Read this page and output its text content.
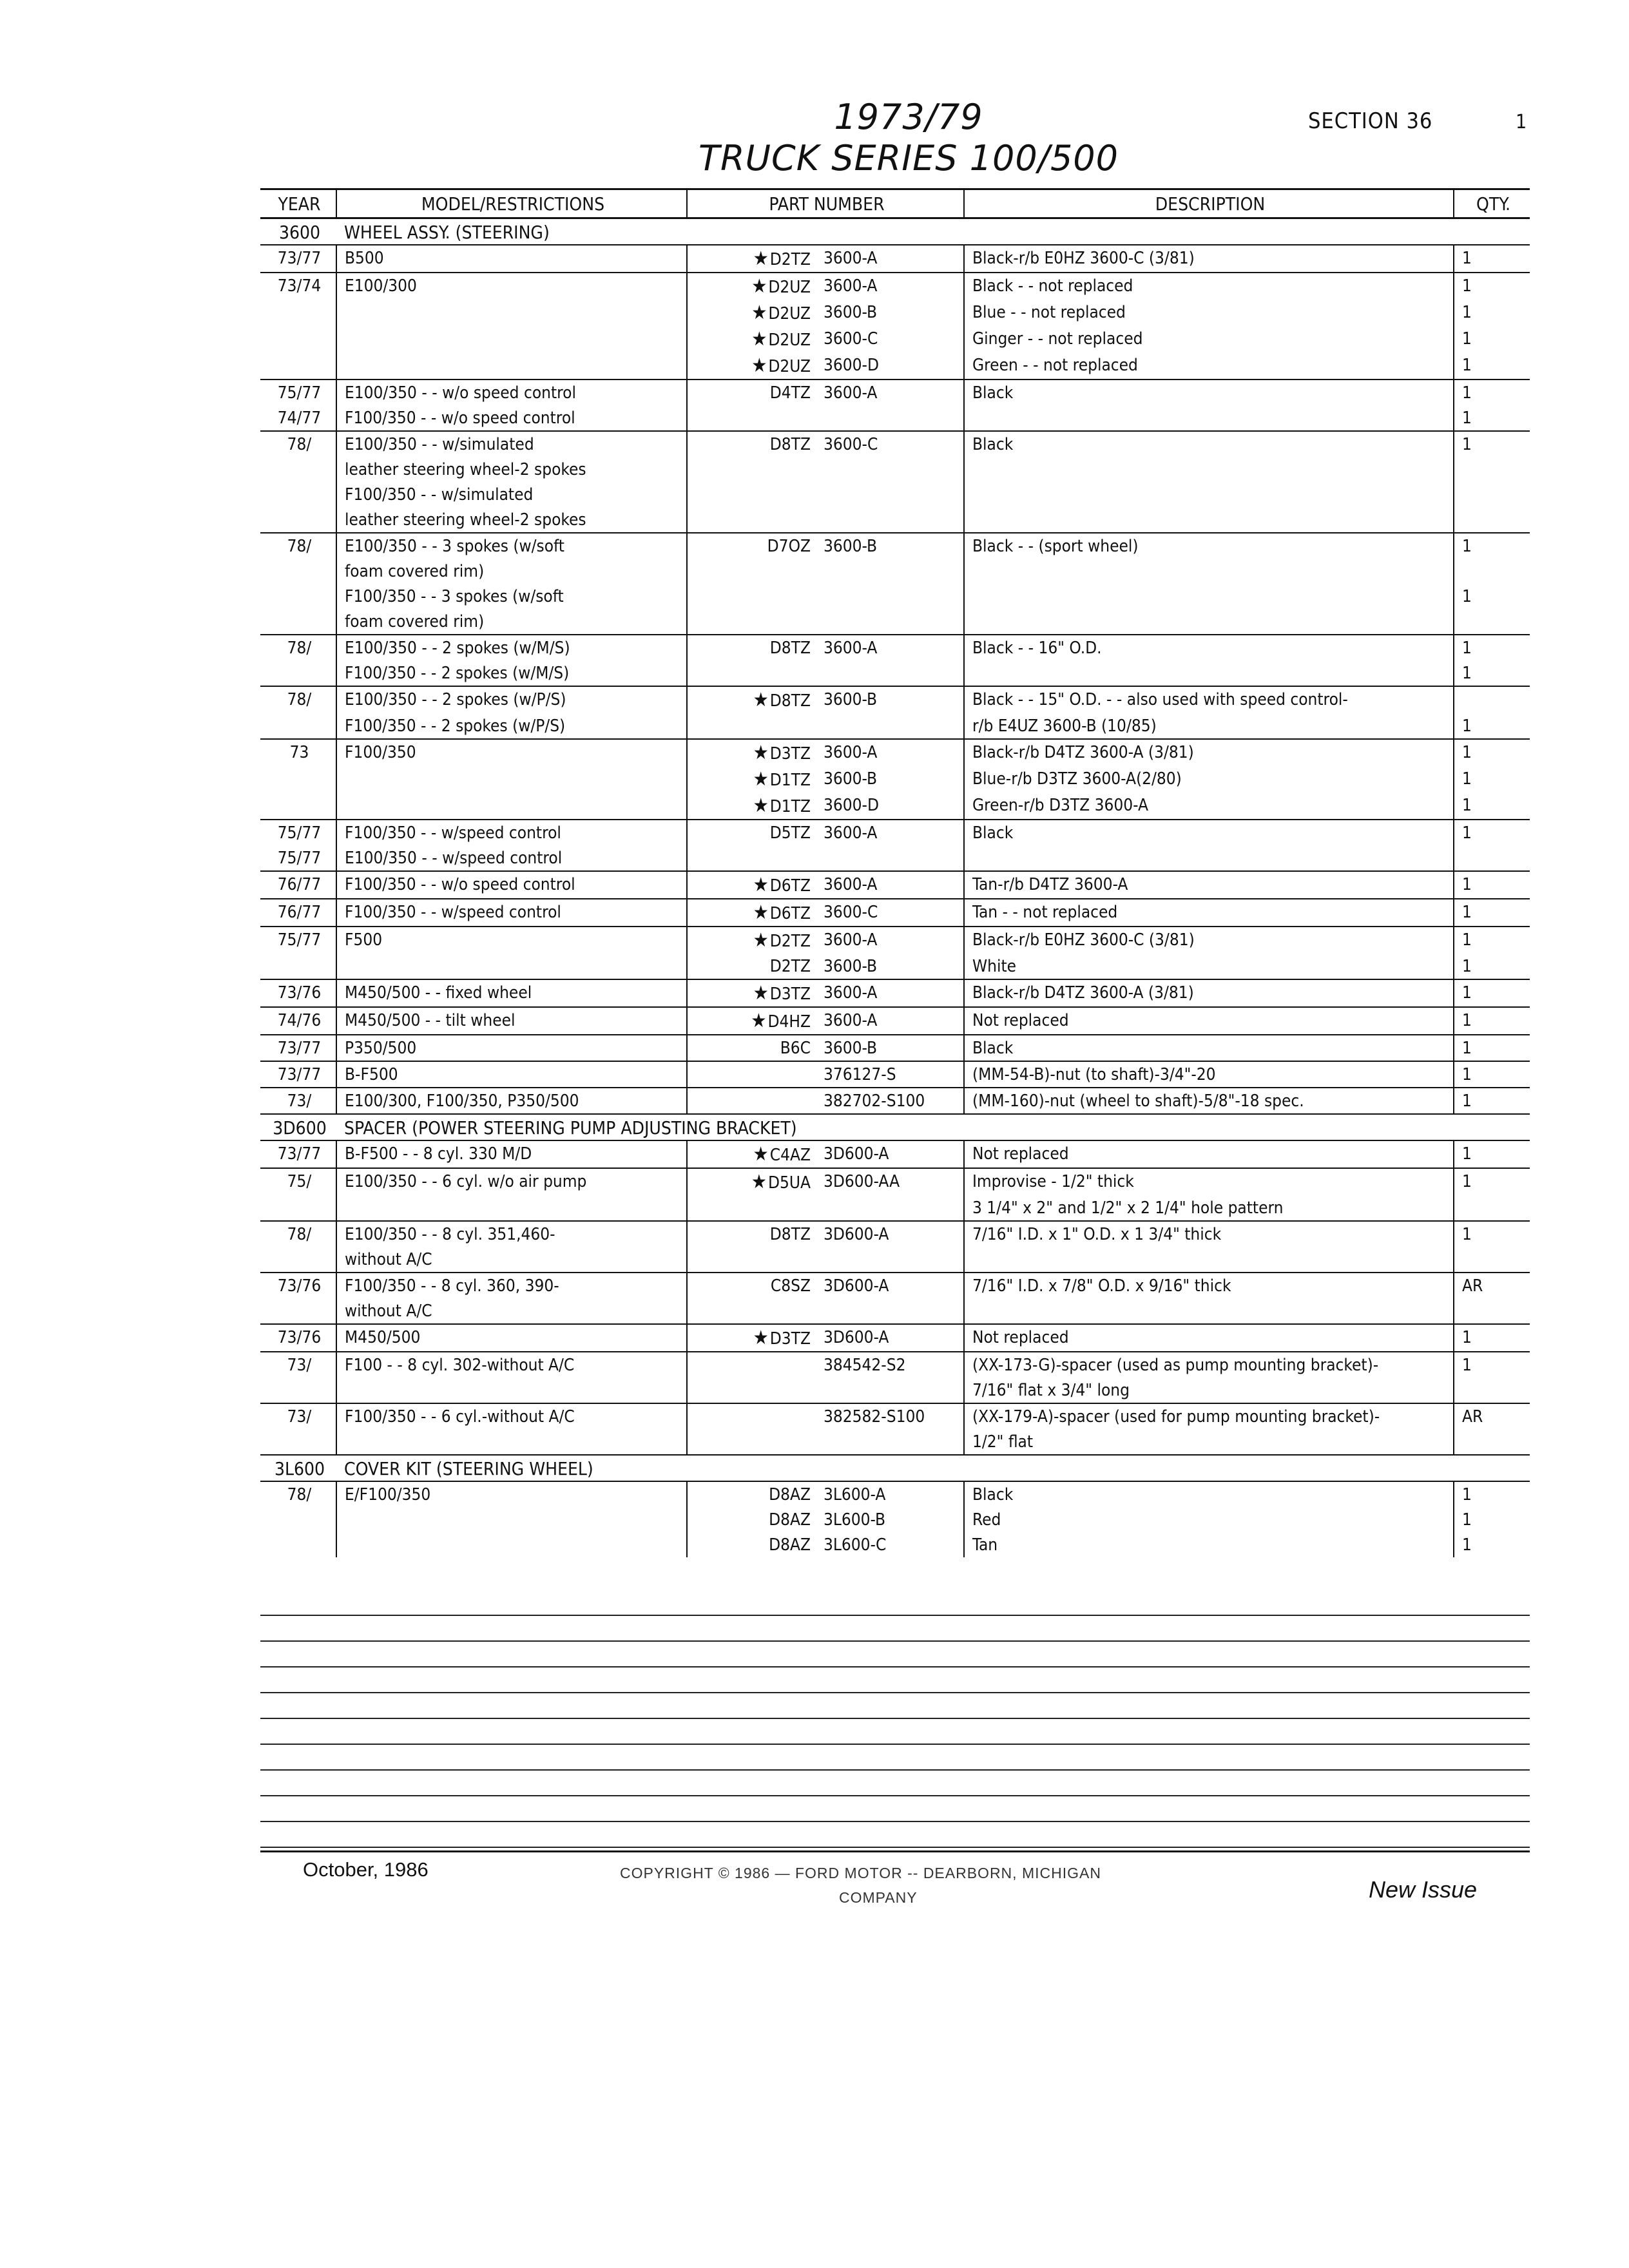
1973/79
TRUCK SERIES 100/500
SECTION 36	1
YEAR	MODEL/RESTRICTIONS	PART NUMBER		DESCRIPTION	QTY.
3600	WHEEL ASSY. (STEERING)				
73/77	B500	★D2TZ	3600-A	Black-r/b E0HZ 3600-C (3/81)	1
73/74	E100/300	★D2UZ	3600-A	Black - - not replaced	1
		★D2UZ	3600-B	Blue - - not replaced	1
		★D2UZ	3600-C	Ginger - - not replaced	1
		★D2UZ	3600-D	Green - - not replaced	1
75/77	E100/350 - - w/o speed control	D4TZ	3600-A	Black	1
74/77	F100/350 - - w/o speed control				1
78/	E100/350 - - w/simulated	D8TZ	3600-C	Black	1
	leather steering wheel-2 spokes				
	F100/350 - - w/simulated				
	leather steering wheel-2 spokes				
78/	E100/350 - - 3 spokes (w/soft	D7OZ	3600-B	Black - - (sport wheel)	1
	foam covered rim)				
	F100/350 - - 3 spokes (w/soft				1
	foam covered rim)				
78/	E100/350 - - 2 spokes (w/M/S)	D8TZ	3600-A	Black - - 16" O.D.	1
	F100/350 - - 2 spokes (w/M/S)				1
78/	E100/350 - - 2 spokes (w/P/S)	★D8TZ	3600-B	Black - - 15" O.D. - - also used with speed control-	
	F100/350 - - 2 spokes (w/P/S)			r/b E4UZ 3600-B (10/85)	1
73	F100/350	★D3TZ	3600-A	Black-r/b D4TZ 3600-A (3/81)	1
		★D1TZ	3600-B	Blue-r/b D3TZ 3600-A(2/80)	1
		★D1TZ	3600-D	Green-r/b D3TZ 3600-A	1
75/77	F100/350 - - w/speed control	D5TZ	3600-A	Black	1
75/77	E100/350 - - w/speed control				
76/77	F100/350 - - w/o speed control	★D6TZ	3600-A	Tan-r/b D4TZ 3600-A	1
76/77	F100/350 - - w/speed control	★D6TZ	3600-C	Tan - - not replaced	1
75/77	F500	★D2TZ	3600-A	Black-r/b E0HZ 3600-C (3/81)	1
		D2TZ	3600-B	White	1
73/76	M450/500 - - fixed wheel	★D3TZ	3600-A	Black-r/b D4TZ 3600-A (3/81)	1
74/76	M450/500 - - tilt wheel	★D4HZ	3600-A	Not replaced	1
73/77	P350/500	B6C	3600-B	Black	1
73/77	B-F500		376127-S	(MM-54-B)-nut (to shaft)-3/4"-20	1
73/	E100/300, F100/350, P350/500		382702-S100	(MM-160)-nut (wheel to shaft)-5/8"-18 spec.	1
3D600	SPACER (POWER STEERING PUMP ADJUSTING BRACKET)				
73/77	B-F500 - - 8 cyl. 330 M/D	★C4AZ	3D600-A	Not replaced	1
75/	E100/350 - - 6 cyl. w/o air pump	★D5UA	3D600-AA	Improvise - 1/2" thick	1
				3 1/4" x 2" and 1/2" x 2 1/4" hole pattern	
78/	E100/350 - - 8 cyl. 351,460-	D8TZ	3D600-A	7/16" I.D. x 1" O.D. x 1 3/4" thick	1
	without A/C				
73/76	F100/350 - - 8 cyl. 360, 390-	C8SZ	3D600-A	7/16" I.D. x 7/8" O.D. x 9/16" thick	AR
	without A/C				
73/76	M450/500	★D3TZ	3D600-A	Not replaced	1
73/	F100 - - 8 cyl. 302-without A/C		384542-S2	(XX-173-G)-spacer (used as pump mounting bracket)-	1
				7/16" flat x 3/4" long	
73/	F100/350 - - 6 cyl.-without A/C		382582-S100	(XX-179-A)-spacer (used for pump mounting bracket)-	AR
				1/2" flat	
3L600	COVER KIT (STEERING WHEEL)				
78/	E/F100/350	D8AZ	3L600-A	Black	1
		D8AZ	3L600-B	Red	1
		D8AZ	3L600-C	Tan	1
October, 1986	COPYRIGHT © 1986 — FORD MOTOR -- DEARBORN, MICHIGAN
COMPANY	New Issue
